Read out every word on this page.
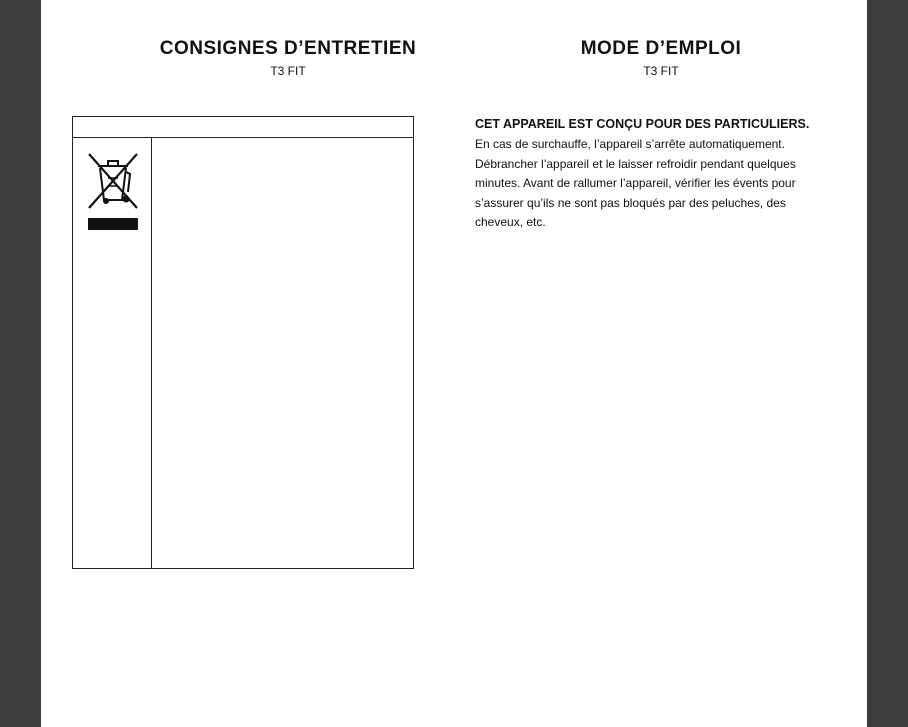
CONSIGNES D’ENTRETIEN
T3 FIT
MODE D’EMPLOI
T3 FIT

CET APPAREIL EST CONÇU POUR DES PARTICULIERS.

En cas de surchauffe, l’appareil s’arrête automatiquement. Débrancher l’appareil et le laisser refroidir pendant quelques minutes. Avant de rallumer l’appareil, vérifier les évents pour s’assurer qu’ils ne sont pas bloqués par des peluches, des cheveux, etc.
